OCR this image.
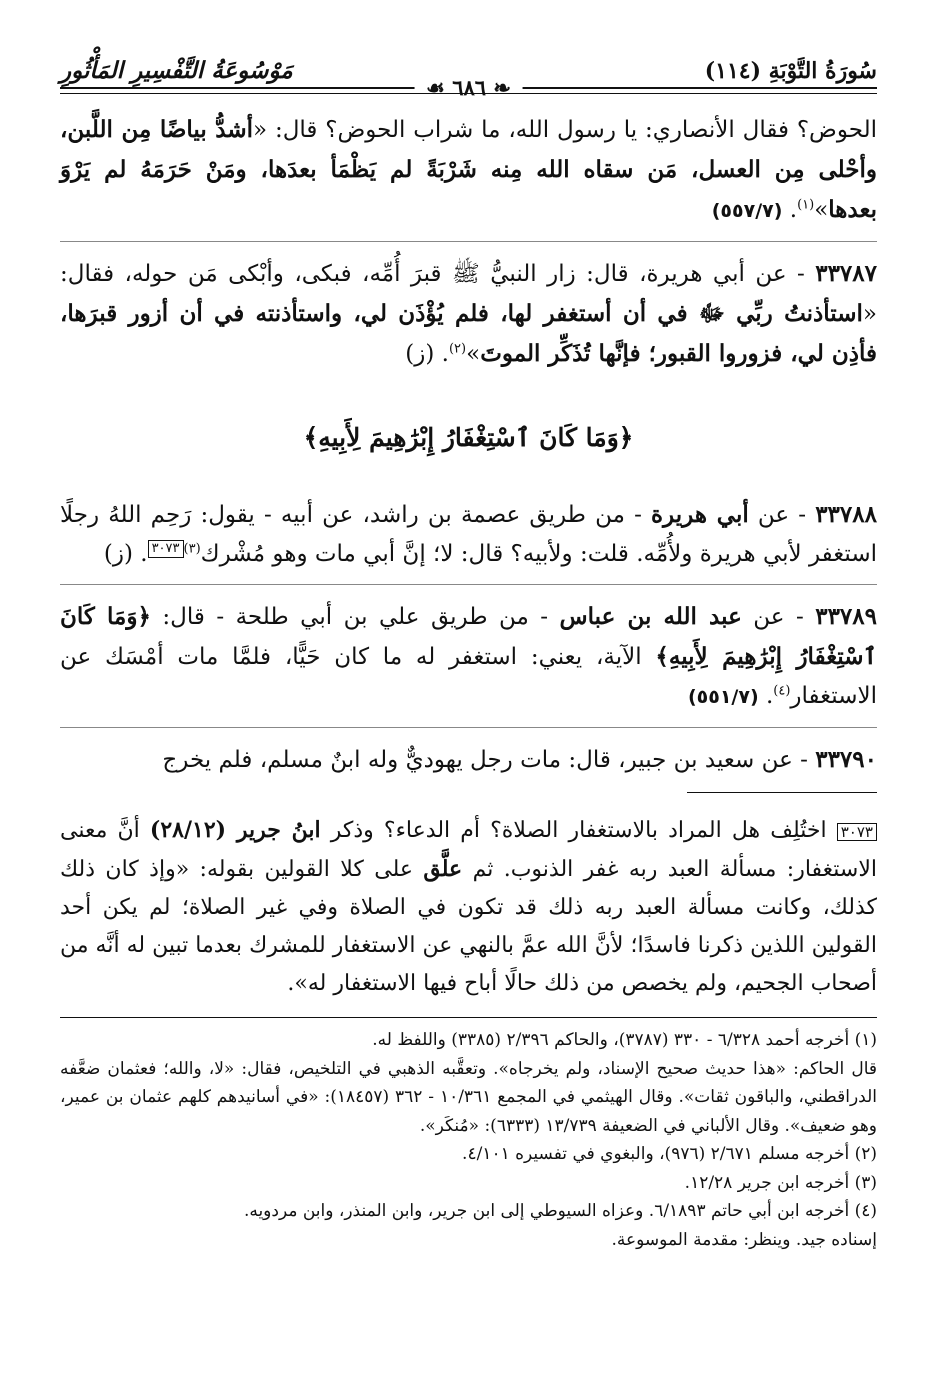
سُورَةُ التَّوْبَةِ (١١٤)
مَوْسُوعَةُ التَّفْسِيرِ المَأْثُورِ
❧ ٦٨٦ ☙

الحوض؟ فقال الأنصاري: يا رسول الله، ما شراب الحوض؟ قال: «أشدُّ بياضًا مِن اللَّبن، وأحْلى مِن العسل، مَن سقاه الله مِنه شَرْبَةً لم يَظْمَأ بعدَها، ومَنْ حَرَمَهُ لم يَرْوَ بعدها»$^{(١)}$. (٥٥٧/٧)

٣٣٧٨٧ - عن أبي هريرة، قال: زار النبيُّ ﷺ قبرَ أُمِّه، فبكى، وأبْكى مَن حوله، فقال: «استأذنتُ ربِّي ﷻ في أن أستغفر لها، فلم يُؤْذَن لي، واستأذنته في أن أزور قبرَها، فأذِن لي، فزوروا القبور؛ فإنَّها تُذَكِّر الموتَ»$^{(٢)}$. (ز)

﴿وَمَا كَانَ ٱسْتِغْفَارُ إِبْرَٰهِيمَ لِأَبِيهِ﴾

٣٣٧٨٨ - عن أبي هريرة - من طريق عصمة بن راشد، عن أبيه - يقول: رَحِم اللهُ رجلًا استغفر لأبي هريرة ولأُمِّه. قلت: ولأبيه؟ قال: لا؛ إنَّ أبي مات وهو مُشْرك$^{(٣)}$٣٠٧٣. (ز)

٣٣٧٨٩ - عن عبد الله بن عباس - من طريق علي بن أبي طلحة - قال: ﴿وَمَا كَانَ ٱسْتِغْفَارُ إِبْرَٰهِيمَ لِأَبِيهِ﴾ الآية، يعني: استغفر له ما كان حَيًّا، فلمَّا مات أمْسَك عن الاستغفار$^{(٤)}$. (٥٥١/٧)

٣٣٧٩٠ - عن سعيد بن جبير، قال: مات رجل يهوديٌّ وله ابنٌ مسلم، فلم يخرج

٣٠٧٣ اختُلِف هل المراد بالاستغفار الصلاة؟ أم الدعاء؟ وذكر ابنُ جرير (٢٨/١٢) أنَّ معنى الاستغفار: مسألة العبد ربه غفر الذنوب. ثم علَّق على كلا القولين بقوله: «وإذ كان ذلك كذلك، وكانت مسألة العبد ربه ذلك قد تكون في الصلاة وفي غير الصلاة؛ لم يكن أحد القولين اللذين ذكرنا فاسدًا؛ لأنَّ الله عمَّ بالنهي عن الاستغفار للمشرك بعدما تبين له أنَّه من أصحاب الجحيم، ولم يخصص من ذلك حالًا أباح فيها الاستغفار له».

(١) أخرجه أحمد ٦/٣٢٨ - ٣٣٠ (٣٧٨٧)، والحاكم ٢/٣٩٦ (٣٣٨٥) واللفظ له.

قال الحاكم: «هذا حديث صحيح الإسناد، ولم يخرجاه». وتعقَّبه الذهبي في التلخيص، فقال: «لا، والله؛ فعثمان ضعَّفه الدراقطني، والباقون ثقات». وقال الهيثمي في المجمع ١٠/٣٦١ - ٣٦٢ (١٨٤٥٧): «في أسانيدهم كلهم عثمان بن عمير، وهو ضعيف». وقال الألباني في الضعيفة ١٣/٧٣٩ (٦٣٣٣): «مُنكَر».

(٢) أخرجه مسلم ٢/٦٧١ (٩٧٦)، والبغوي في تفسيره ٤/١٠١.

(٣) أخرجه ابن جرير ١٢/٢٨.

(٤) أخرجه ابن أبي حاتم ٦/١٨٩٣. وعزاه السيوطي إلى ابن جرير، وابن المنذر، وابن مردويه.

إسناده جيد. وينظر: مقدمة الموسوعة.
